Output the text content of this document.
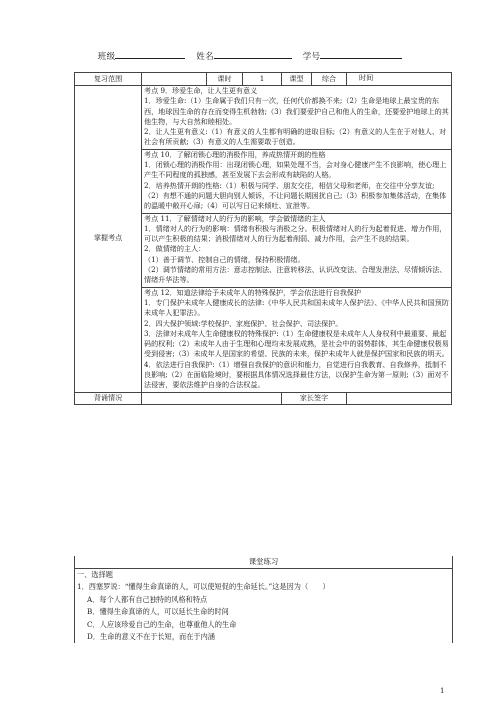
班级	姓名	学号
复习范围		课时	1	课型	综合	时间
掌握考点	考点 9．珍爱生命，让人生更有意义

1．珍爱生命:（1）生命属于我们只有一次，任何代价都换不来;（2）生命是地球上最宝贵的东西，地球因生命的存在而变得生机勃勃;（3）我们要爱护自己和他人的生命，还要爱护地球上的其他生物，与大自然和睦相处。

2．让人生更有意义:（1）有意义的人生都有明确的进取目标;（2）有意义的人生在于对他人、对社会有所贡献;（3）有意义的人生需要敢于创造。					

	考点 10．了解闭锁心理的消极作用，养成热情开朗的性格

1．闭锁心理的消极作用：出现闭锁心理，如果处理不当，会对身心健康产生不良影响，使心理上产生不同程度的孤独感，甚至发展下去会形成有缺陷的人格。

2．培养热情开朗的性格:（1）积极与同学、朋友交往，相信父母和老师，在交往中分享友谊;（2）有想不通的问题大胆向别人倾诉，不让问题长期困扰自己;（3）积极参加集体活动，在集体的温暖中敞开心扉;（4）可以写日记来倾吐、宣泄等。					

	考点 11．了解情绪对人的行为的影响，学会做情绪的主人

1．情绪对人的行为的影响：情绪有积极与消极之分。积极情绪对人的行为起着促进、增力作用，可以产生积极的结果；消极情绪对人的行为起着削弱、减力作用，会产生不良的结果。

2．做情绪的主人：

（1）善于调节、控制自己的情绪，保持积极情绪。

（2）调节情绪的常用方法：意志控制法、注意转移法、认识改变法、合理发泄法、尽情倾诉法、情绪升华法等。					

	考点 12．知道法律给予未成年人的特殊保护，学会依法进行自我保护

1．专门保护未成年人健康成长的法律:《中华人民共和国未成年人保护法》、《中华人民共和国预防未成年人犯罪法》。

2．四大保护领域:学校保护、家庭保护、社会保护、司法保护。

3．法律对未成年人生命健康权的特殊保护:（1）生命健康权是未成年人人身权利中最重要、最起码的权利;（2）未成年人由于生理和心理均未发展成熟，是社会中的弱势群体，其生命健康权极易受到侵害;（3）未成年人是国家的希望、民族的未来，保护未成年人就是保护国家和民族的明天。

4．依法进行自我保护:（1）增强自我保护的意识和能力，自觉进行自我教育、自我修养，抵制不良影响;（2）在面临险境时，要根据具体情况选择最佳方法，以保护生命为第一原则;（3）面对不法侵害，要依法维护自身的合法权益。					

背诵情况				家长签字		
课堂练习
一、选择题
1．西塞罗说：“懂得生命真谛的人，可以使短促的生命延长。”这是因为（　　）
A．每个人都有自己独特的风格和特点
B．懂得生命真谛的人，可以延长生命的时间
C．人应该珍爱自己的生命，也尊重他人的生命
D．生命的意义不在于长短，而在于内涵
1
